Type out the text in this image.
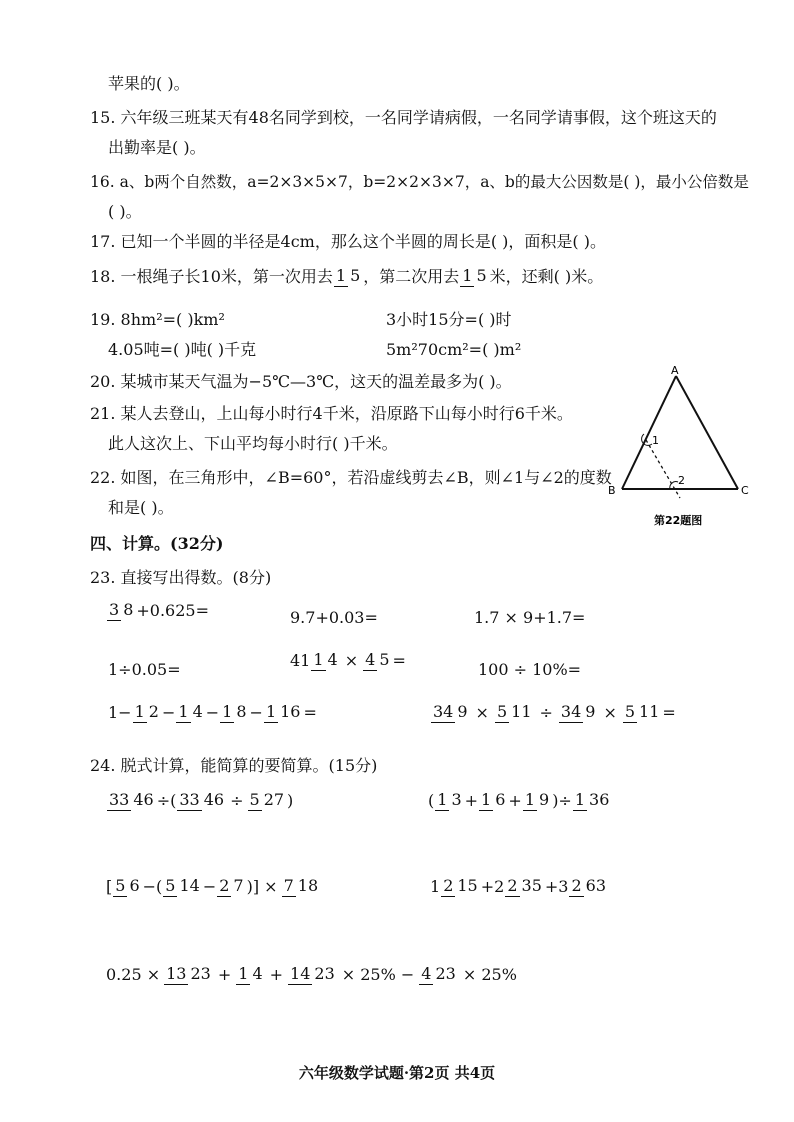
苹果的( )。
15. 六年级三班某天有48名同学到校，一名同学请病假，一名同学请事假，这个班这天的
出勤率是( )。
16. a、b两个自然数，a=2×3×5×7，b=2×2×3×7，a、b的最大公因数是( )，最小公倍数是
( )。
17. 已知一个半圆的半径是4cm，那么这个半圆的周长是( )，面积是( )。
18. 一根绳子长10米，第一次用去 1 5 ，第二次用去 1 5 米，还剩( )米。
19. 8hm²=( )km²	3小时15分=( )时
4.05吨=( )吨( )千克	5m²70cm²=( )m²
20. 某城市某天气温为−5℃—3℃，这天的温差最多为( )。
21. 某人去登山，上山每小时行4千米，沿原路下山每小时行6千米。
此人这次上、下山平均每小时行( )千米。
22. 如图，在三角形中，∠B=60°，若沿虚线剪去∠B，则∠1与∠2的度数
和是( )。
A
B	C
1
2
第22题图
四、计算。(32分)
23. 直接写出得数。(8分)
3 8 +0.625=	9.7+0.03=	1.7 × 9+1.7=
1÷0.05=	41 1 4 × 4 5 =	100 ÷ 10%=
1− 1 2 − 1 4 − 1 8 − 1 16 =	34 9 × 5 11 ÷ 34 9 × 5 11 =
24. 脱式计算，能简算的要简算。(15分)
33 46 ÷( 33 46 ÷ 5 27 )	( 1 3 + 1 6 + 1 9 )÷ 1 36
[ 5 6 −( 5 14 − 2 7 )] × 7 18	1 2 15 +2 2 35 +3 2 63
0.25 × 13 23 + 1 4 + 14 23 × 25% − 4 23 × 25%
六年级数学试题·第2页 共4页
